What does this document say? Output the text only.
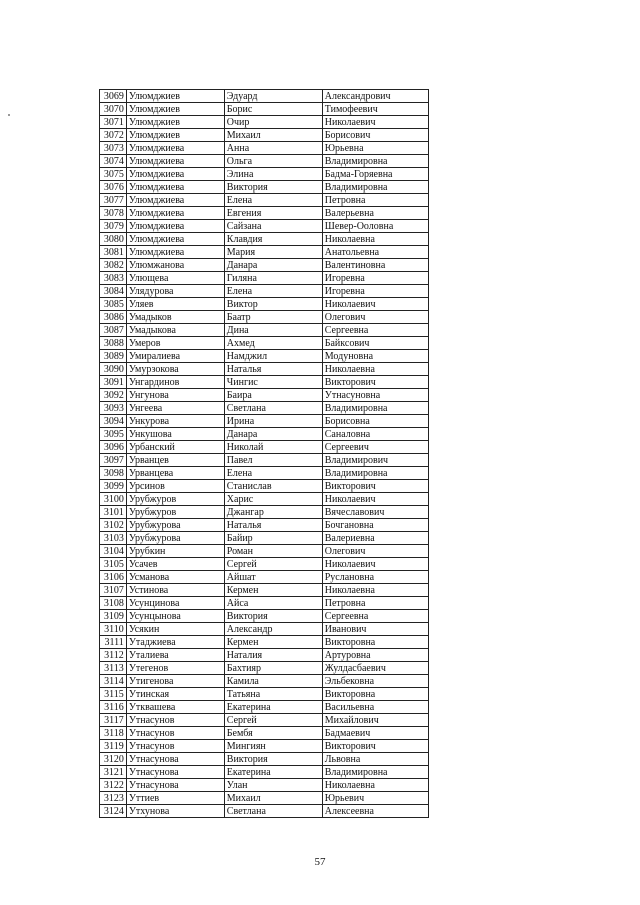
3069	Улюмджиев	Эдуард	Александрович
3070	Улюмджиев	Борис	Тимофеевич
3071	Улюмджиев	Очир	Николаевич
3072	Улюмджиев	Михаил	Борисович
3073	Улюмджиева	Анна	Юрьевна
3074	Улюмджиева	Ольга	Владимировна
3075	Улюмджиева	Элина	Бадма-Горяевна
3076	Улюмджиева	Виктория	Владимировна
3077	Улюмджиева	Елена	Петровна
3078	Улюмджиева	Евгения	Валерьевна
3079	Улюмджиева	Сайзана	Шевер-Ооловна
3080	Улюмджиева	Клавдия	Николаевна
3081	Улюмджиева	Мария	Анатольевна
3082	Улюмжанова	Данара	Валентиновна
3083	Улющева	Гиляна	Игоревна
3084	Улядурова	Елена	Игоревна
3085	Уляев	Виктор	Николаевич
3086	Умадыков	Баатр	Олегович
3087	Умадыкова	Дина	Сергеевна
3088	Умеров	Ахмед	Байксович
3089	Умиралиева	Намджил	Модуновна
3090	Умурзокова	Наталья	Николаевна
3091	Унгардинов	Чингис	Викторович
3092	Унгунова	Баира	Утнасуновна
3093	Унгеева	Светлана	Владимировна
3094	Ункурова	Ирина	Борисовна
3095	Ункушова	Данара	Саналовна
3096	Урбанский	Николай	Сергеевич
3097	Урванцев	Павел	Владимирович
3098	Урванцева	Елена	Владимировна
3099	Урсинов	Станислав	Викторович
3100	Урубжуров	Харис	Николаевич
3101	Урубжуров	Джангар	Вячеславович
3102	Урубжурова	Наталья	Бочгановна
3103	Урубжурова	Байир	Валериевна
3104	Урубкин	Роман	Олегович
3105	Усачев	Сергей	Николаевич
3106	Усманова	Айшат	Руслановна
3107	Устинова	Кермен	Николаевна
3108	Усунцинова	Айса	Петровна
3109	Усунцынова	Виктория	Сергеевна
3110	Усякин	Александр	Иванович
3111	Утаджиева	Кермен	Викторовна
3112	Уталиева	Наталия	Артуровна
3113	Утегенов	Бахтияр	Жулдасбаевич
3114	Утигенова	Камила	Эльбековна
3115	Утинская	Татьяна	Викторовна
3116	Утквашева	Екатерина	Васильевна
3117	Утнасунов	Сергей	Михайлович
3118	Утнасунов	Бембя	Бадмаевич
3119	Утнасунов	Мингиян	Викторович
3120	Утнасунова	Виктория	Львовна
3121	Утнасунова	Екатерина	Владимировна
3122	Утнасунова	Улан	Николаевна
3123	Уттиев	Михаил	Юрьевич
3124	Утхунова	Светлана	Алексеевна
57
